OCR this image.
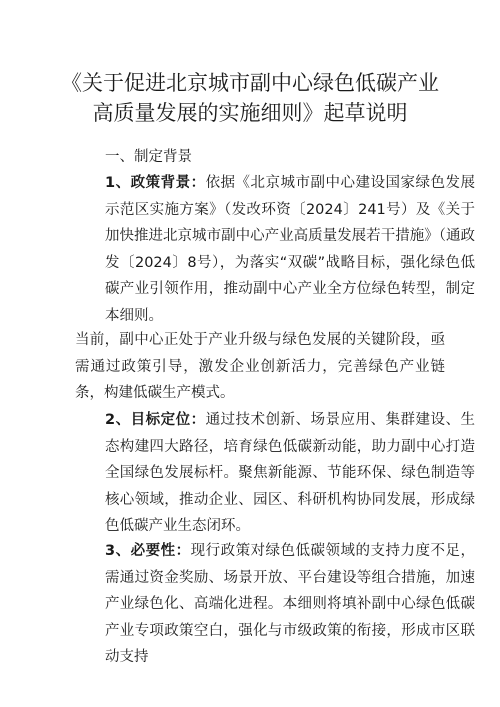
《关于促进北京城市副中心绿色低碳产业
高质量发展的实施细则》起草说明
一、制定背景

1、政策背景：依据《北京城市副中心建设国家绿色发展示范区实施方案》（发改环资〔2024〕241号）及《关于加快推进北京城市副中心产业高质量发展若干措施》（通政发〔2024〕8号），为落实“双碳”战略目标，强化绿色低碳产业引领作用，推动副中心产业全方位绿色转型，制定本细则。

当前，副中心正处于产业升级与绿色发展的关键阶段，亟需通过政策引导，激发企业创新活力，完善绿色产业链条，构建低碳生产模式。

2、目标定位：通过技术创新、场景应用、集群建设、生态构建四大路径，培育绿色低碳新动能，助力副中心打造全国绿色发展标杆。聚焦新能源、节能环保、绿色制造等核心领域，推动企业、园区、科研机构协同发展，形成绿色低碳产业生态闭环。

3、必要性：现行政策对绿色低碳领域的支持力度不足，需通过资金奖励、场景开放、平台建设等组合措施，加速产业绿色化、高端化进程。本细则将填补副中心绿色低碳产业专项政策空白，强化与市级政策的衔接，形成市区联动支持
